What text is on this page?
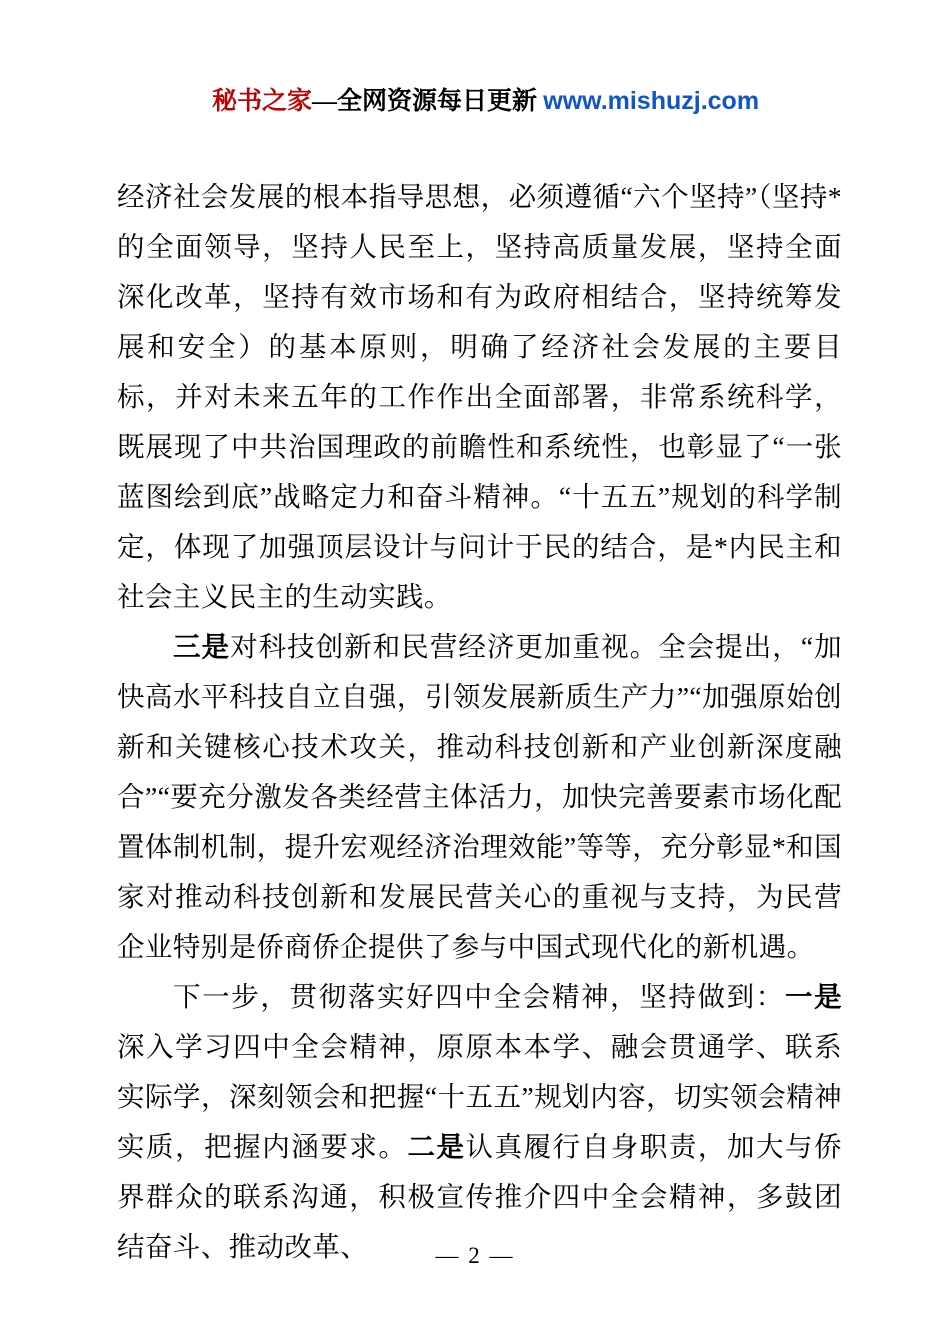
秘书之家—全网资源每日更新 www.mishuzj.com

经济社会发展的根本指导思想，必须遵循“六个坚持”（坚持*的全面领导，坚持人民至上，坚持高质量发展，坚持全面深化改革，坚持有效市场和有为政府相结合，坚持统筹发展和安全）的基本原则，明确了经济社会发展的主要目标，并对未来五年的工作作出全面部署，非常系统科学，既展现了中共治国理政的前瞻性和系统性，也彰显了“一张蓝图绘到底”战略定力和奋斗精神。“十五五”规划的科学制定，体现了加强顶层设计与问计于民的结合，是*内民主和社会主义民主的生动实践。

三是对科技创新和民营经济更加重视。全会提出，“加快高水平科技自立自强，引领发展新质生产力”“加强原始创新和关键核心技术攻关，推动科技创新和产业创新深度融合”“要充分激发各类经营主体活力，加快完善要素市场化配置体制机制，提升宏观经济治理效能”等等，充分彰显*和国家对推动科技创新和发展民营关心的重视与支持，为民营企业特别是侨商侨企提供了参与中国式现代化的新机遇。

下一步，贯彻落实好四中全会精神，坚持做到：一是深入学习四中全会精神，原原本本学、融会贯通学、联系实际学，深刻领会和把握“十五五”规划内容，切实领会精神实质，把握内涵要求。二是认真履行自身职责，加大与侨界群众的联系沟通，积极宣传推介四中全会精神，多鼓团结奋斗、推动改革、	— 2 —
